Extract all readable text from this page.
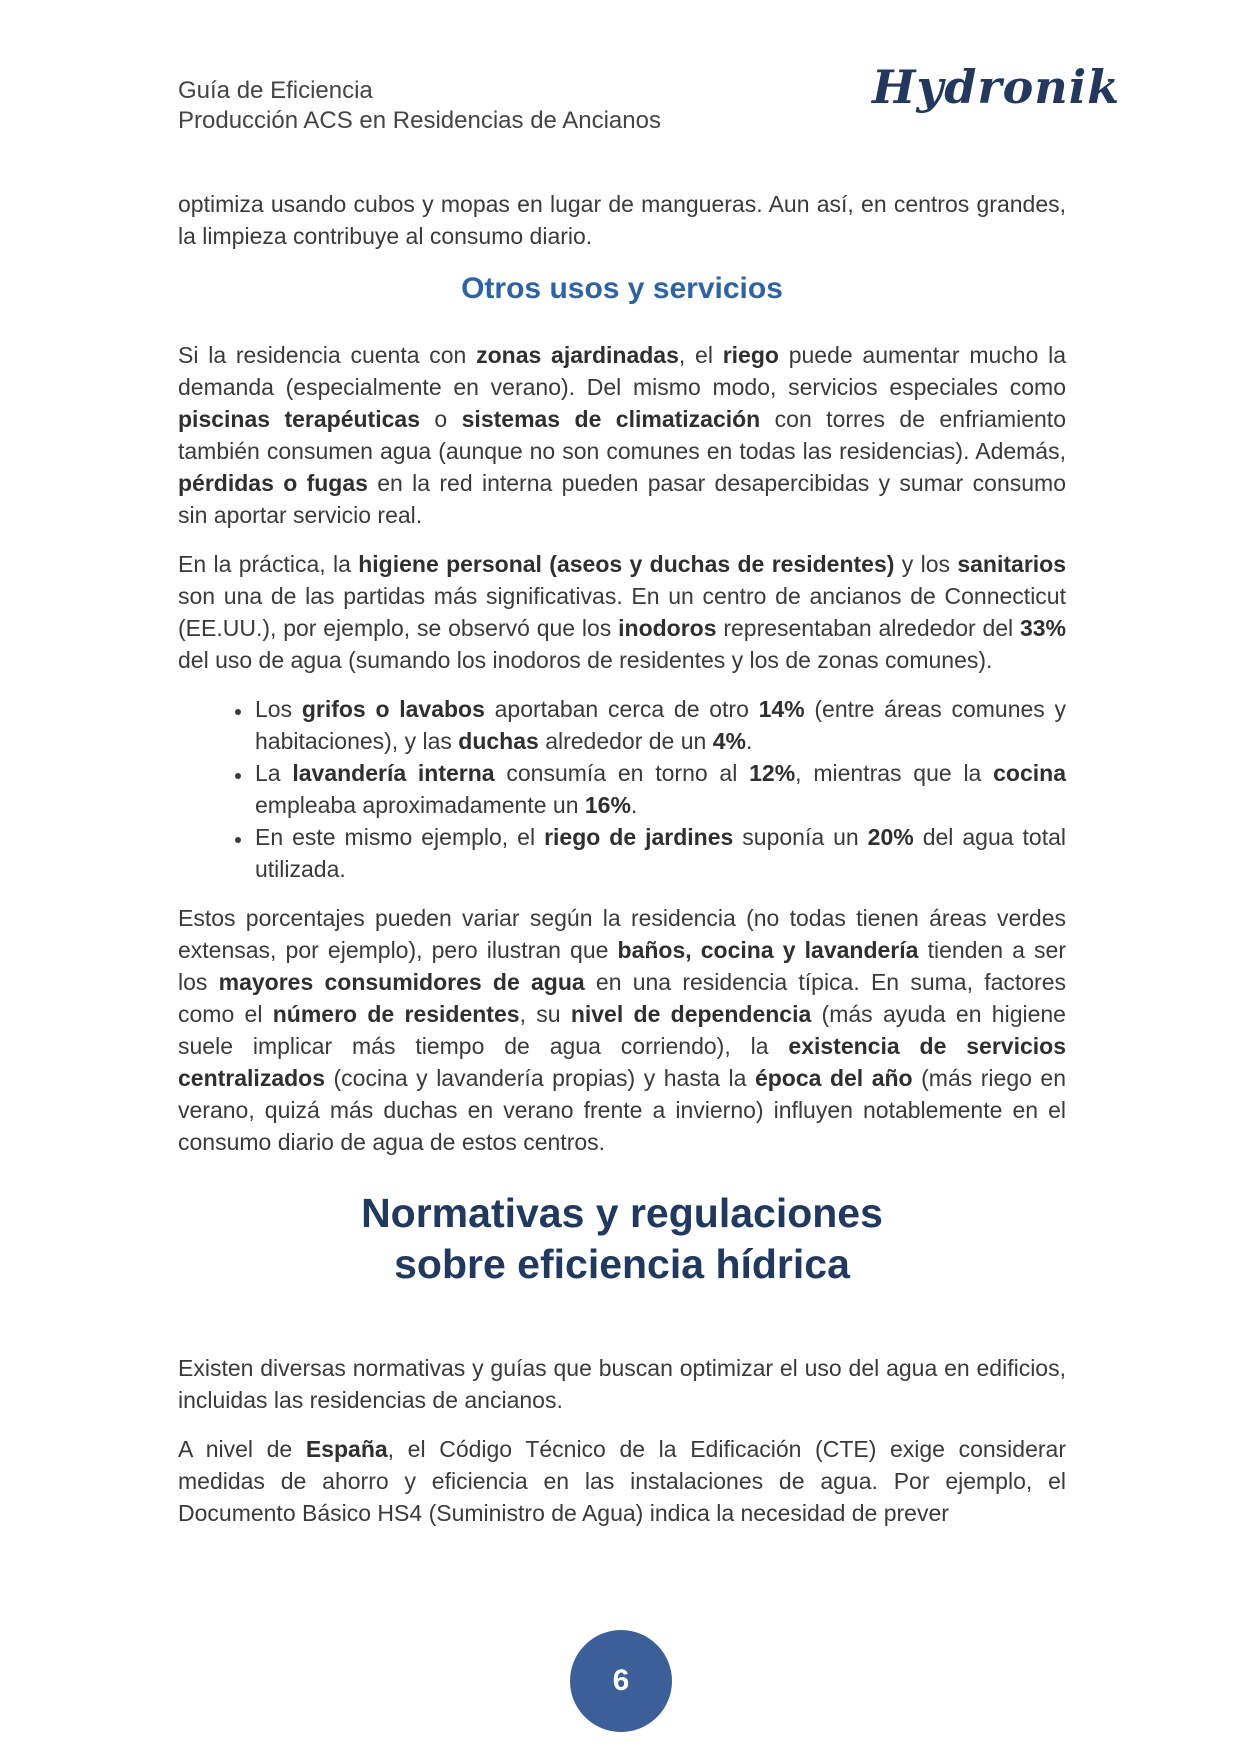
Guía de Eficiencia
Producción ACS en Residencias de Ancianos
Hydronik

optimiza usando cubos y mopas en lugar de mangueras. Aun así, en centros grandes, la limpieza contribuye al consumo diario.

Otros usos y servicios

Si la residencia cuenta con zonas ajardinadas, el riego puede aumentar mucho la demanda (especialmente en verano). Del mismo modo, servicios especiales como piscinas terapéuticas o sistemas de climatización con torres de enfriamiento también consumen agua (aunque no son comunes en todas las residencias). Además, pérdidas o fugas en la red interna pueden pasar desapercibidas y sumar consumo sin aportar servicio real.

En la práctica, la higiene personal (aseos y duchas de residentes) y los sanitarios son una de las partidas más significativas. En un centro de ancianos de Connecticut (EE.UU.), por ejemplo, se observó que los inodoros representaban alrededor del 33% del uso de agua (sumando los inodoros de residentes y los de zonas comunes).

• Los grifos o lavabos aportaban cerca de otro 14% (entre áreas comunes y habitaciones), y las duchas alrededor de un 4%.
• La lavandería interna consumía en torno al 12%, mientras que la cocina empleaba aproximadamente un 16%.
• En este mismo ejemplo, el riego de jardines suponía un 20% del agua total utilizada.

Estos porcentajes pueden variar según la residencia (no todas tienen áreas verdes extensas, por ejemplo), pero ilustran que baños, cocina y lavandería tienden a ser los mayores consumidores de agua en una residencia típica. En suma, factores como el número de residentes, su nivel de dependencia (más ayuda en higiene suele implicar más tiempo de agua corriendo), la existencia de servicios centralizados (cocina y lavandería propias) y hasta la época del año (más riego en verano, quizá más duchas en verano frente a invierno) influyen notablemente en el consumo diario de agua de estos centros.

Normativas y regulaciones
sobre eficiencia hídrica

Existen diversas normativas y guías que buscan optimizar el uso del agua en edificios, incluidas las residencias de ancianos.

A nivel de España, el Código Técnico de la Edificación (CTE) exige considerar medidas de ahorro y eficiencia en las instalaciones de agua. Por ejemplo, el Documento Básico HS4 (Suministro de Agua) indica la necesidad de prever

6
